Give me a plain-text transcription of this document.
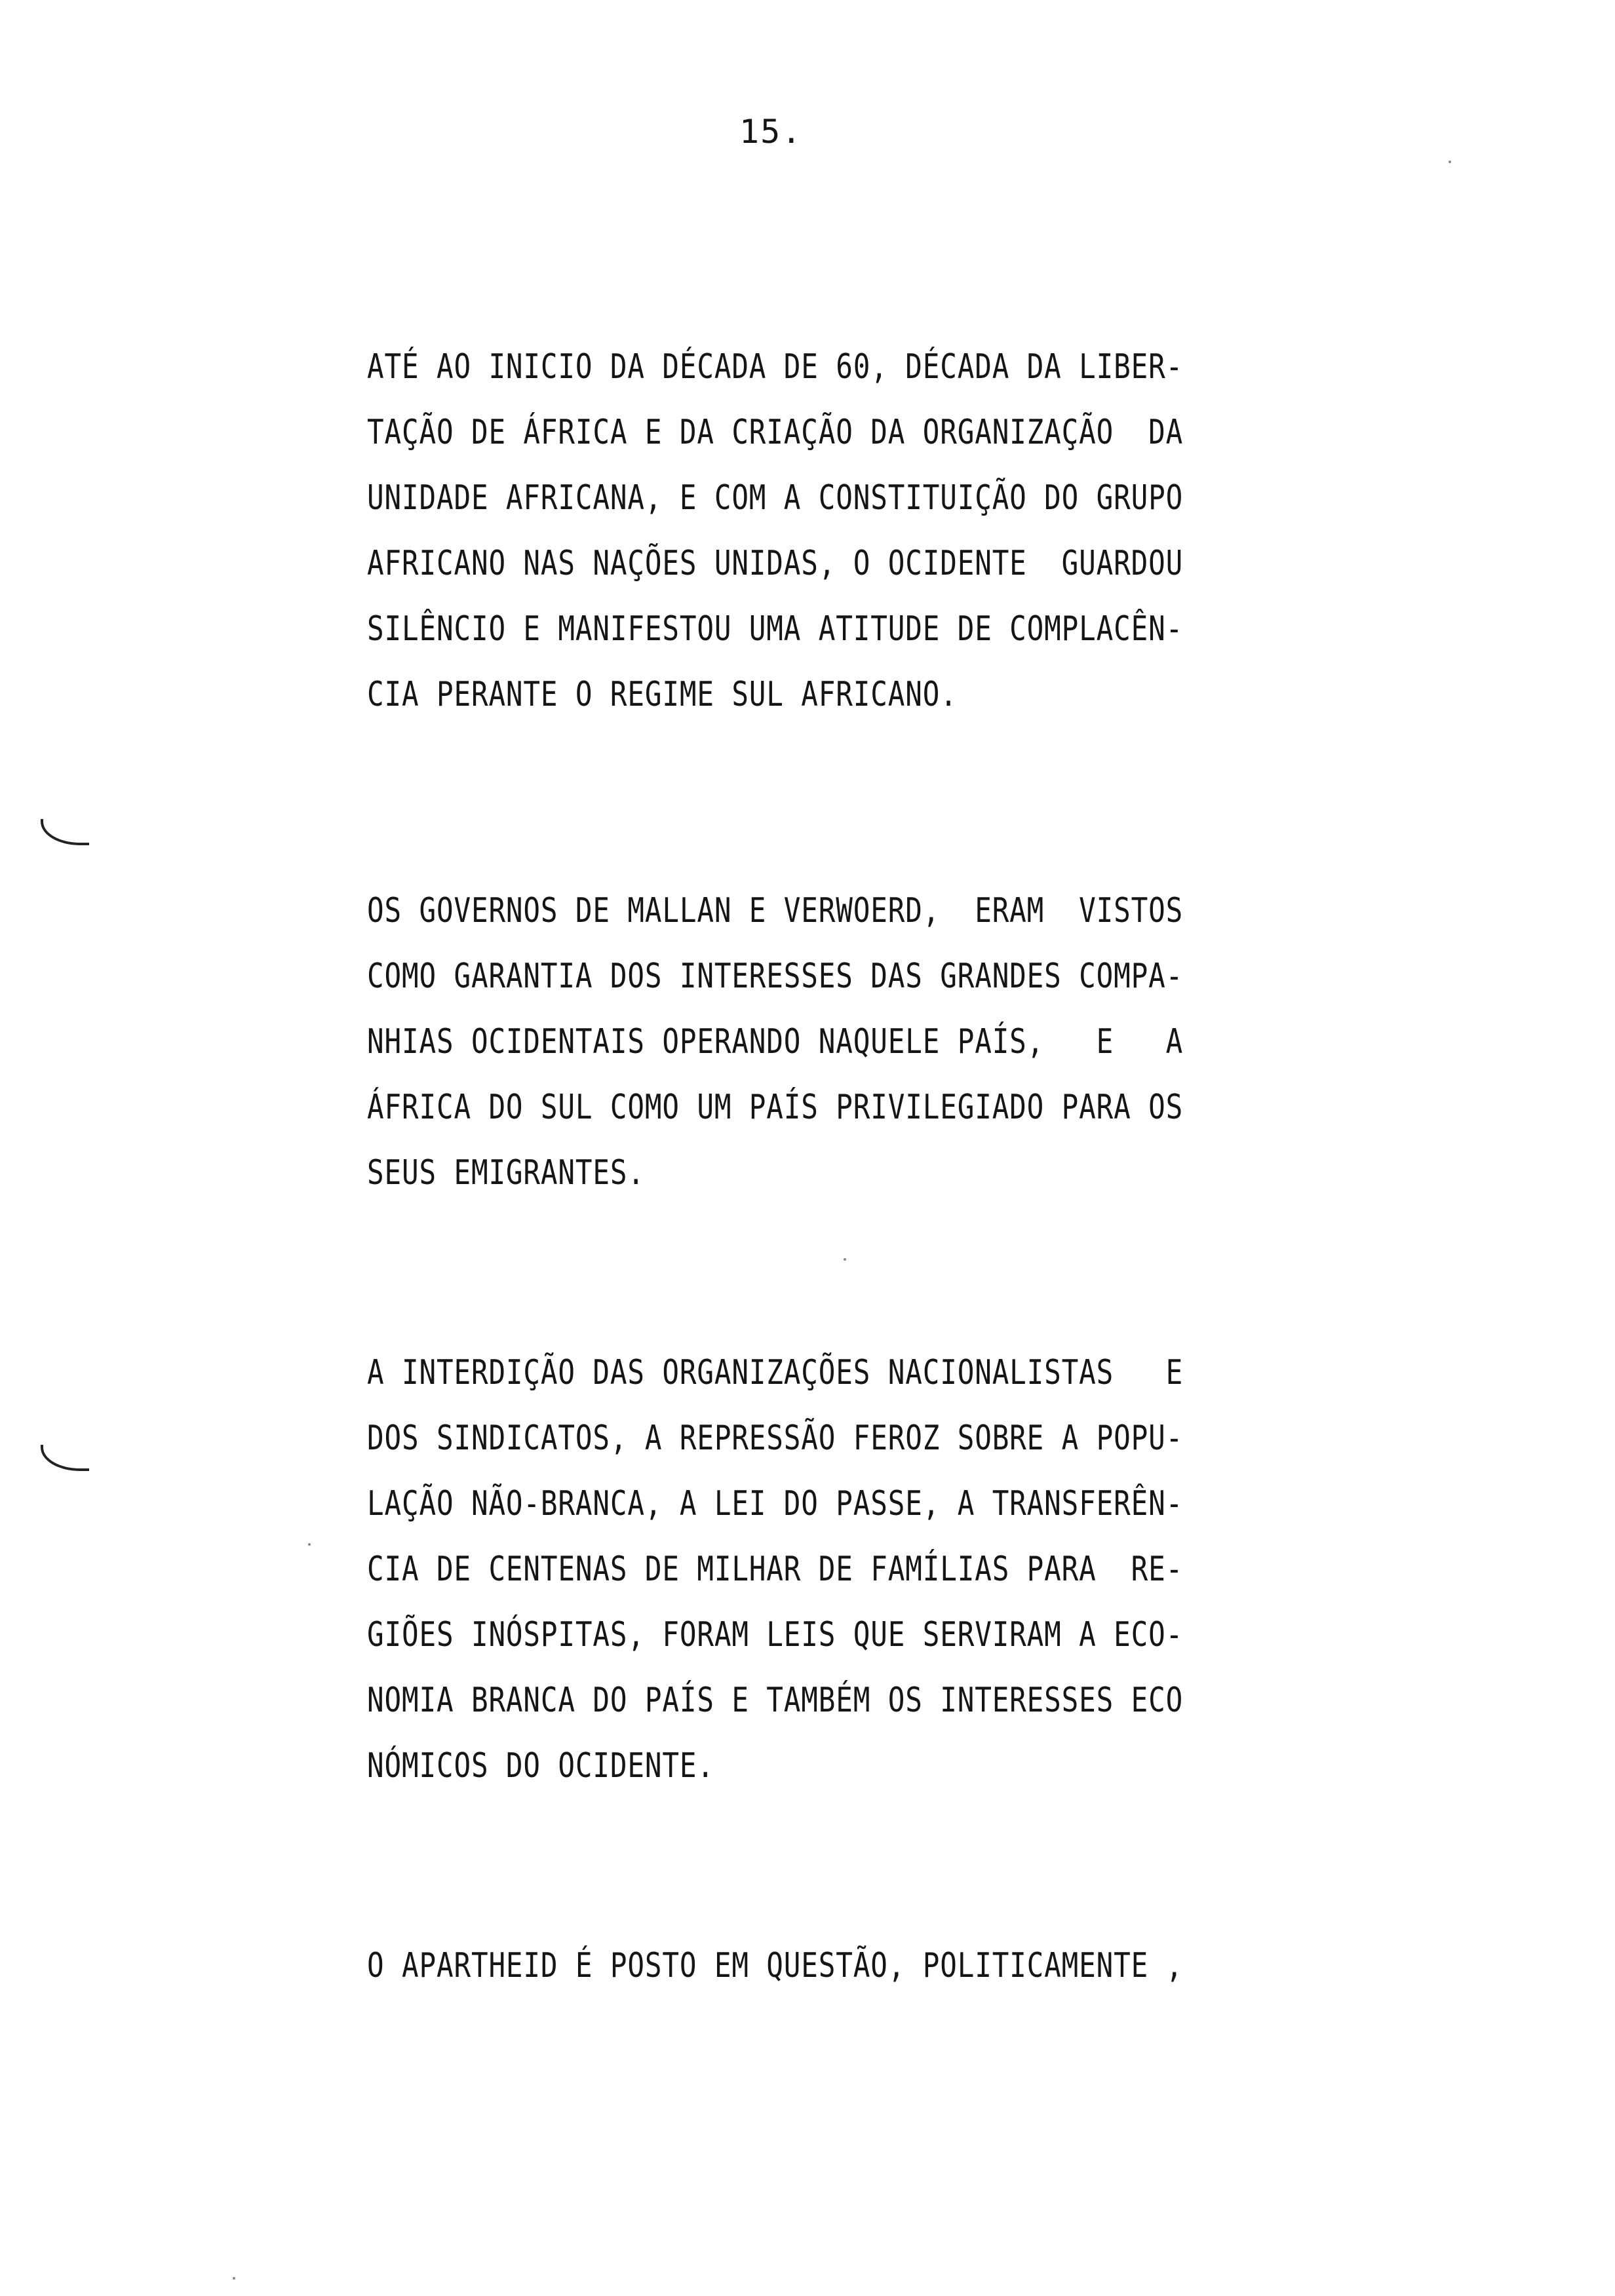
15.
ATÉ AO INICIO DA DÉCADA DE 60, DÉCADA DA LIBER-
TAÇÃO DE ÁFRICA E DA CRIAÇÃO DA ORGANIZAÇÃO  DA
UNIDADE AFRICANA, E COM A CONSTITUIÇÃO DO GRUPO
AFRICANO NAS NAÇÕES UNIDAS, O OCIDENTE  GUARDOU
SILÊNCIO E MANIFESTOU UMA ATITUDE DE COMPLACÊN-
CIA PERANTE O REGIME SUL AFRICANO.
OS GOVERNOS DE MALLAN E VERWOERD,  ERAM  VISTOS
COMO GARANTIA DOS INTERESSES DAS GRANDES COMPA-
NHIAS OCIDENTAIS OPERANDO NAQUELE PAÍS,   E   A
ÁFRICA DO SUL COMO UM PAÍS PRIVILEGIADO PARA OS
SEUS EMIGRANTES.
A INTERDIÇÃO DAS ORGANIZAÇÕES NACIONALISTAS   E
DOS SINDICATOS, A REPRESSÃO FEROZ SOBRE A POPU-
LAÇÃO NÃO-BRANCA, A LEI DO PASSE, A TRANSFERÊN-
CIA DE CENTENAS DE MILHAR DE FAMÍLIAS PARA  RE-
GIÕES INÓSPITAS, FORAM LEIS QUE SERVIRAM A ECO-
NOMIA BRANCA DO PAÍS E TAMBÉM OS INTERESSES ECO
NÓMICOS DO OCIDENTE.
O APARTHEID É POSTO EM QUESTÃO, POLITICAMENTE ,
